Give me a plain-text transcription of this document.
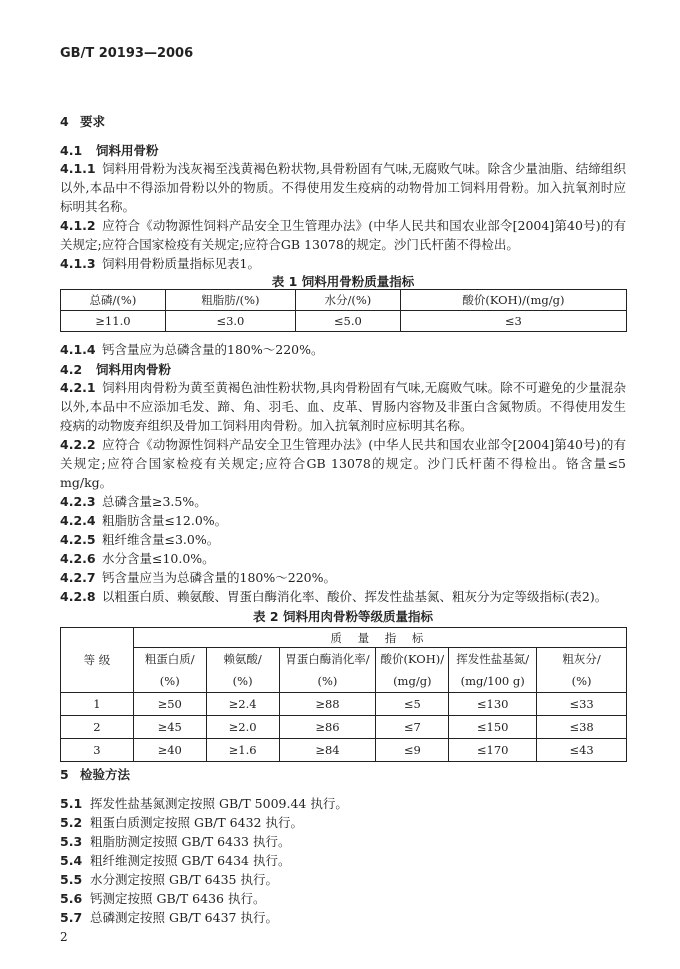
GB/T 20193—2006
4 要求
4.1 饲料用骨粉
4.1.1 饲料用骨粉为浅灰褐至浅黄褐色粉状物,具骨粉固有气味,无腐败气味。除含少量油脂、结缔组织以外,本品中不得添加骨粉以外的物质。不得使用发生疫病的动物骨加工饲料用骨粉。加入抗氧剂时应标明其名称。
4.1.2 应符合《动物源性饲料产品安全卫生管理办法》(中华人民共和国农业部令[2004]第40号)的有关规定;应符合国家检疫有关规定;应符合GB 13078的规定。沙门氏杆菌不得检出。
4.1.3 饲料用骨粉质量指标见表1。
表 1 饲料用骨粉质量指标
总磷/(%)	粗脂肪/(%)	水分/(%)	酸价(KOH)/(mg/g)
≥11.0	≤3.0	≤5.0	≤3
4.1.4 钙含量应为总磷含量的180%～220%。
4.2 饲料用肉骨粉
4.2.1 饲料用肉骨粉为黄至黄褐色油性粉状物,具肉骨粉固有气味,无腐败气味。除不可避免的少量混杂以外,本品中不应添加毛发、蹄、角、羽毛、血、皮革、胃肠内容物及非蛋白含氮物质。不得使用发生疫病的动物废弃组织及骨加工饲料用肉骨粉。加入抗氧剂时应标明其名称。
4.2.2 应符合《动物源性饲料产品安全卫生管理办法》(中华人民共和国农业部令[2004]第40号)的有关规定;应符合国家检疫有关规定;应符合GB 13078的规定。沙门氏杆菌不得检出。铬含量≤5 mg/kg。
4.2.3 总磷含量≥3.5%。
4.2.4 粗脂肪含量≤12.0%。
4.2.5 粗纤维含量≤3.0%。
4.2.6 水分含量≤10.0%。
4.2.7 钙含量应当为总磷含量的180%～220%。
4.2.8 以粗蛋白质、赖氨酸、胃蛋白酶消化率、酸价、挥发性盐基氮、粗灰分为定等级指标(表2)。
表 2 饲料用肉骨粉等级质量指标
等 级	质 量 指 标					
	粗蛋白质/	赖氨酸/	胃蛋白酶消化率/	酸价(KOH)/	挥发性盐基氮/	粗灰分/
	(%)	(%)	(%)	(mg/g)	(mg/100 g)	(%)
1	≥50	≥2.4	≥88	≤5	≤130	≤33
2	≥45	≥2.0	≥86	≤7	≤150	≤38
3	≥40	≥1.6	≥84	≤9	≤170	≤43
5 检验方法
5.1 挥发性盐基氮测定按照 GB/T 5009.44 执行。
5.2 粗蛋白质测定按照 GB/T 6432 执行。
5.3 粗脂肪测定按照 GB/T 6433 执行。
5.4 粗纤维测定按照 GB/T 6434 执行。
5.5 水分测定按照 GB/T 6435 执行。
5.6 钙测定按照 GB/T 6436 执行。
5.7 总磷测定按照 GB/T 6437 执行。
2
